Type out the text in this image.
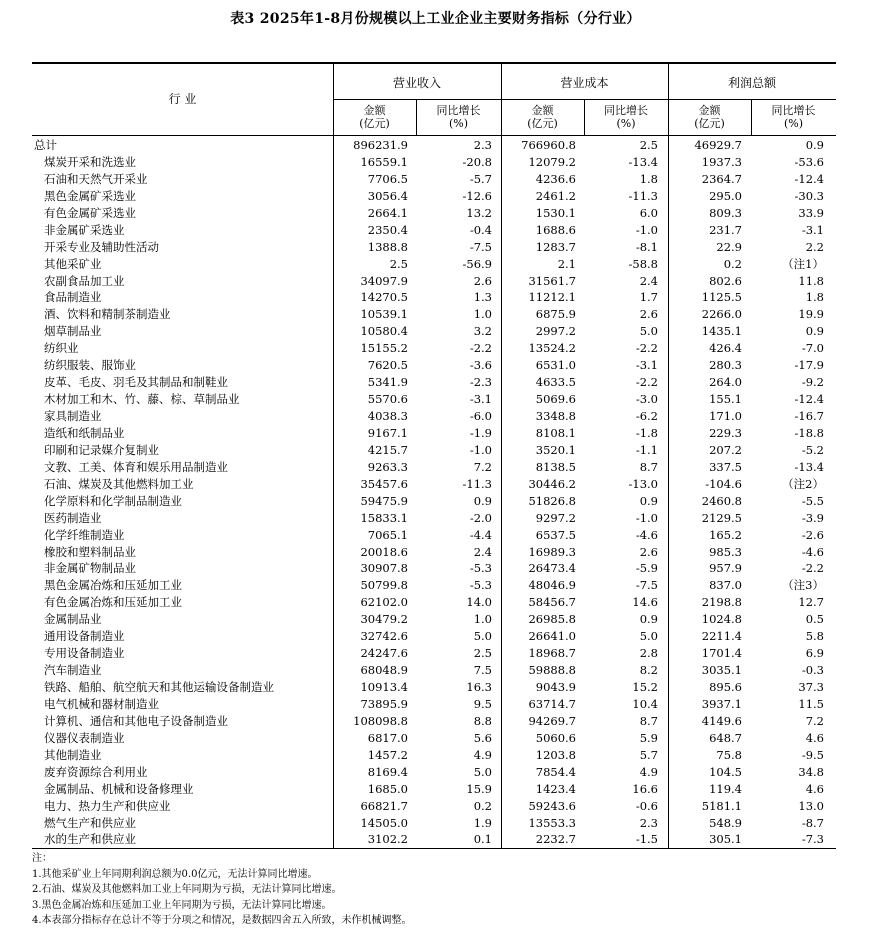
表3 2025年1-8月份规模以上工业企业主要财务指标（分行业）
行 业
营业收入	营业成本	利润总额
金额
(亿元)
同比增长
(%)
金额
(亿元)
同比增长
(%)
金额
(亿元)
同比增长
(%)
总计	896231.9	2.3	766960.8	2.5	46929.7	0.9
煤炭开采和洗选业	16559.1	-20.8	12079.2	-13.4	1937.3	-53.6
石油和天然气开采业	7706.5	-5.7	4236.6	1.8	2364.7	-12.4
黑色金属矿采选业	3056.4	-12.6	2461.2	-11.3	295.0	-30.3
有色金属矿采选业	2664.1	13.2	1530.1	6.0	809.3	33.9
非金属矿采选业	2350.4	-0.4	1688.6	-1.0	231.7	-3.1
开采专业及辅助性活动	1388.8	-7.5	1283.7	-8.1	22.9	2.2
其他采矿业	2.5	-56.9	2.1	-58.8	0.2	（注1）
农副食品加工业	34097.9	2.6	31561.7	2.4	802.6	11.8
食品制造业	14270.5	1.3	11212.1	1.7	1125.5	1.8
酒、饮料和精制茶制造业	10539.1	1.0	6875.9	2.6	2266.0	19.9
烟草制品业	10580.4	3.2	2997.2	5.0	1435.1	0.9
纺织业	15155.2	-2.2	13524.2	-2.2	426.4	-7.0
纺织服装、服饰业	7620.5	-3.6	6531.0	-3.1	280.3	-17.9
皮革、毛皮、羽毛及其制品和制鞋业	5341.9	-2.3	4633.5	-2.2	264.0	-9.2
木材加工和木、竹、藤、棕、草制品业	5570.6	-3.1	5069.6	-3.0	155.1	-12.4
家具制造业	4038.3	-6.0	3348.8	-6.2	171.0	-16.7
造纸和纸制品业	9167.1	-1.9	8108.1	-1.8	229.3	-18.8
印刷和记录媒介复制业	4215.7	-1.0	3520.1	-1.1	207.2	-5.2
文教、工美、体育和娱乐用品制造业	9263.3	7.2	8138.5	8.7	337.5	-13.4
石油、煤炭及其他燃料加工业	35457.6	-11.3	30446.2	-13.0	-104.6	（注2）
化学原料和化学制品制造业	59475.9	0.9	51826.8	0.9	2460.8	-5.5
医药制造业	15833.1	-2.0	9297.2	-1.0	2129.5	-3.9
化学纤维制造业	7065.1	-4.4	6537.5	-4.6	165.2	-2.6
橡胶和塑料制品业	20018.6	2.4	16989.3	2.6	985.3	-4.6
非金属矿物制品业	30907.8	-5.3	26473.4	-5.9	957.9	-2.2
黑色金属冶炼和压延加工业	50799.8	-5.3	48046.9	-7.5	837.0	（注3）
有色金属冶炼和压延加工业	62102.0	14.0	58456.7	14.6	2198.8	12.7
金属制品业	30479.2	1.0	26985.8	0.9	1024.8	0.5
通用设备制造业	32742.6	5.0	26641.0	5.0	2211.4	5.8
专用设备制造业	24247.6	2.5	18968.7	2.8	1701.4	6.9
汽车制造业	68048.9	7.5	59888.8	8.2	3035.1	-0.3
铁路、船舶、航空航天和其他运输设备制造业	10913.4	16.3	9043.9	15.2	895.6	37.3
电气机械和器材制造业	73895.9	9.5	63714.7	10.4	3937.1	11.5
计算机、通信和其他电子设备制造业	108098.8	8.8	94269.7	8.7	4149.6	7.2
仪器仪表制造业	6817.0	5.6	5060.6	5.9	648.7	4.6
其他制造业	1457.2	4.9	1203.8	5.7	75.8	-9.5
废弃资源综合利用业	8169.4	5.0	7854.4	4.9	104.5	34.8
金属制品、机械和设备修理业	1685.0	15.9	1423.4	16.6	119.4	4.6
电力、热力生产和供应业	66821.7	0.2	59243.6	-0.6	5181.1	13.0
燃气生产和供应业	14505.0	1.9	13553.3	2.3	548.9	-8.7
水的生产和供应业	3102.2	0.1	2232.7	-1.5	305.1	-7.3
注：
1.其他采矿业上年同期利润总额为0.0亿元，无法计算同比增速。
2.石油、煤炭及其他燃料加工业上年同期为亏损，无法计算同比增速。
3.黑色金属冶炼和压延加工业上年同期为亏损，无法计算同比增速。
4.本表部分指标存在总计不等于分项之和情况，是数据四舍五入所致，未作机械调整。
